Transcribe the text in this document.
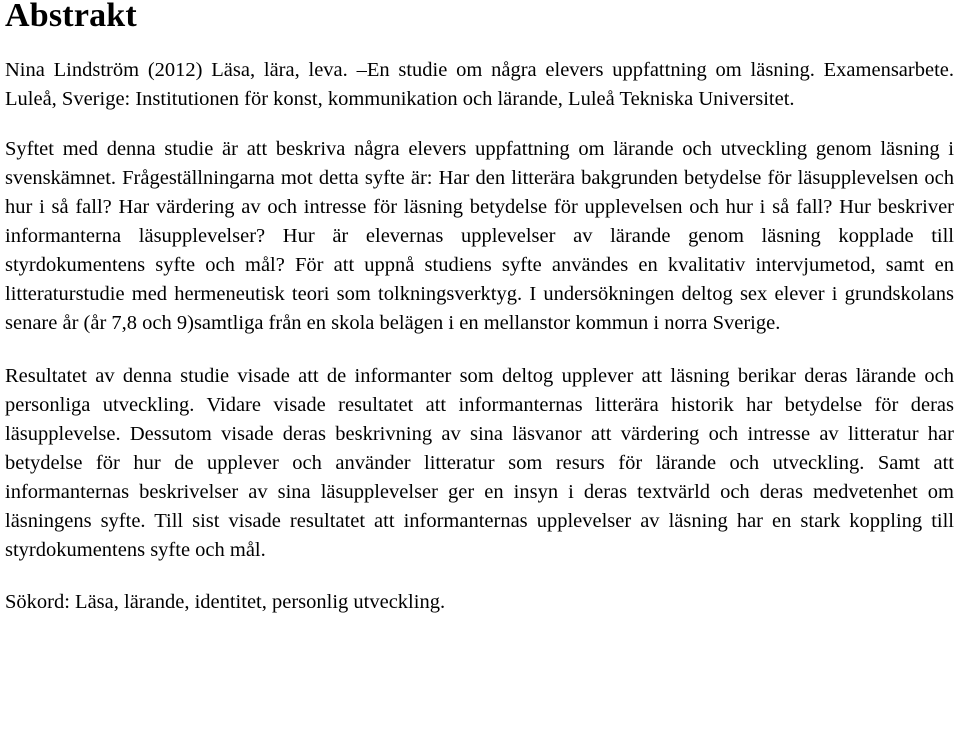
Abstrakt

Nina Lindström (2012) Läsa, lära, leva. –En studie om några elevers uppfattning om läsning. Examensarbete. Luleå, Sverige: Institutionen för konst, kommunikation och lärande, Luleå Tekniska Universitet.

Syftet med denna studie är att beskriva några elevers uppfattning om lärande och utveckling genom läsning i svenskämnet. Frågeställningarna mot detta syfte är: Har den litterära bakgrunden betydelse för läsupplevelsen och hur i så fall? Har värdering av och intresse för läsning betydelse för upplevelsen och hur i så fall? Hur beskriver informanterna läsupplevelser? Hur är elevernas upplevelser av lärande genom läsning kopplade till styrdokumentens syfte och mål? För att uppnå studiens syfte användes en kvalitativ intervjumetod, samt en litteraturstudie med hermeneutisk teori som tolkningsverktyg. I undersökningen deltog sex elever i grundskolans senare år (år 7,8 och 9)samtliga från en skola belägen i en mellanstor kommun i norra Sverige.

Resultatet av denna studie visade att de informanter som deltog upplever att läsning berikar deras lärande och personliga utveckling. Vidare visade resultatet att informanternas litterära historik har betydelse för deras läsupplevelse. Dessutom visade deras beskrivning av sina läsvanor att värdering och intresse av litteratur har betydelse för hur de upplever och använder litteratur som resurs för lärande och utveckling. Samt att informanternas beskrivelser av sina läsupplevelser ger en insyn i deras textvärld och deras medvetenhet om läsningens syfte. Till sist visade resultatet att informanternas upplevelser av läsning har en stark koppling till styrdokumentens syfte och mål.

Sökord: Läsa, lärande, identitet, personlig utveckling.
